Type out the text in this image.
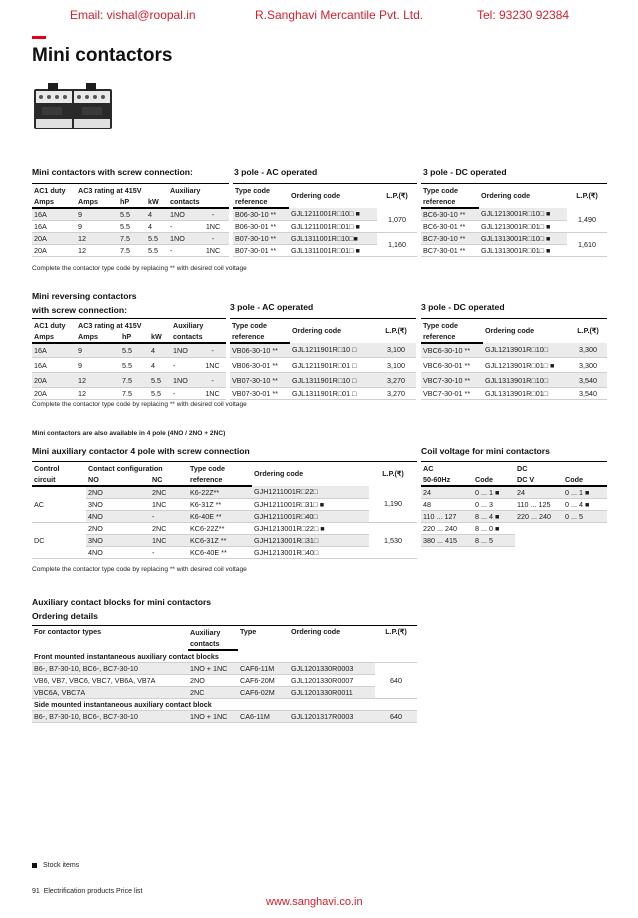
Email: vishal@roopal.in	R.Sanghavi Mercantile Pvt. Ltd.	Tel: 93230 92384
Mini contactors
Mini contactors with screw connection:	3 pole - AC operated	3 pole - DC operated
AC1 duty	AC3 rating at 415V			Auxiliary	
Amps	Amps	hP	kW	contacts	
16A	9	5.5	4	1NO	-
16A	9	5.5	4	-	1NC
20A	12	7.5	5.5	1NO	-
20A	12	7.5	5.5	-	1NC
Type code	Ordering code	L.P.(₹)
reference		
B06-30-10 **	GJL1211001R□10□ ■	1,070
B06-30-01 **	GJL1211001R□01□ ■	
B07-30-10 **	GJL1311001R□10□■	1,160
B07-30-01 **	GJL1311001R□01□ ■	
Type code	Ordering code	L.P.(₹)
reference		
BC6-30-10 **	GJL1213001R□10□ ■	1,490
BC6-30-01 **	GJL1213001R□01□ ■	
BC7-30-10 **	GJL1313001R□10□ ■	1,610
BC7-30-01 **	GJL1313001R□01□ ■	
Complete the contactor type code by replacing ** with desired coil voltage
Mini reversing contactors
with screw connection:	3 pole - AC operated	3 pole - DC operated
AC1 duty	AC3 rating at 415V			Auxiliary	
Amps	Amps	hP	kW	contacts	
16A	9	5.5	4	1NO	-
16A	9	5.5	4	-	1NC
20A	12	7.5	5.5	1NO	-
20A	12	7.5	5.5	-	1NC
Type code	Ordering code	L.P.(₹)
reference		
VB06-30-10 **	GJL1211901R□10 □	3,100
VB06-30-01 **	GJL1211901R□01 □	3,100
VB07-30-10 **	GJL1311901R□10 □	3,270
VB07-30-01 **	GJL1311901R□01 □	3,270
Type code	Ordering code	L.P.(₹)
reference		
VBC6-30-10 **	GJL1213901R□10□	3,300
VBC6-30-01 **	GJL1213901R□01□ ■	3,300
VBC7-30-10 **	GJL1313901R□10□	3,540
VBC7-30-01 **	GJL1313901R□01□	3,540
Complete the contactor type code by replacing ** with desired coil voltage
Mini contactors are also available in 4 pole (4NO / 2NO + 2NC)
Mini auxiliary contactor 4 pole with screw connection
Control	Contact configuration		Type code	Ordering code	L.P.(₹)
circuit	NO	NC	reference		
AC	2NO	2NC	K6-22Z**	GJH1211001R□22□	1,190
	3NO	1NC	K6-31Z **	GJH1211001R□31□ ■	
	4NO	-	K6-40E **	GJH1211001R□40□	
DC	2NO	2NC	KC6-22Z**	GJH1213001R□22□ ■	1,530
	3NO	1NC	KC6-31Z **	GJH1213001R□31□	
	4NO	-	KC6-40E **	GJH1213001R□40□	
Complete the contactor type code by replacing ** with desired coil voltage
Coil voltage for mini contactors
AC		DC	
50-60Hz	Code	DC V	Code
24	0 ... 1 ■	24	0 ... 1 ■
48	0 ... 3	110 ... 125	0 ... 4 ■
110 ... 127	8 ... 4 ■	220 ... 240	0 ... 5
220 ... 240	8 ... 0 ■		
380 ... 415	8 ... 5		
Auxiliary contact blocks for mini contactors
Ordering details
For contactor types	Auxiliary	Type	Ordering code	L.P.(₹)
	contacts			
Front mounted instantaneous auxiliary contact blocks				
B6-, B7-30-10, BC6-, BC7-30-10	1NO + 1NC	CAF6-11M	GJL1201330R0003	640
VB6, VB7, VBC6, VBC7, VB6A, VB7A	2NO	CAF6-20M	GJL1201330R0007	
VBC6A, VBC7A	2NC	CAF6-02M	GJL1201330R0011	
Side mounted instantaneous auxiliary contact block				
B6-, B7-30-10, BC6-, BC7-30-10	1NO + 1NC	CA6-11M	GJL1201317R0003	640
Stock items
91 Electrification products Price list
www.sanghavi.co.in
